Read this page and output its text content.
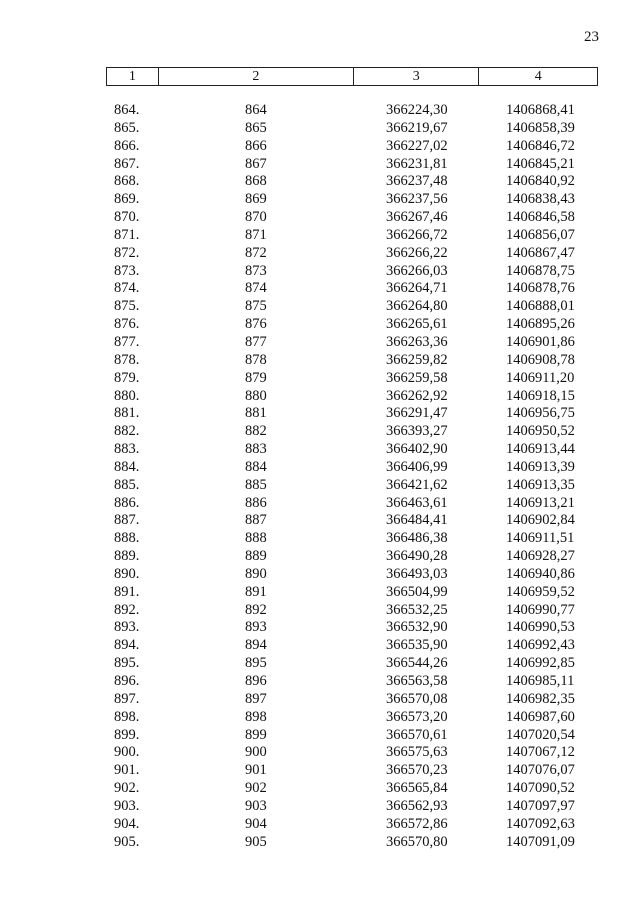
23
1	2	3	4
864.	864	366224,30	1406868,41
865.	865	366219,67	1406858,39
866.	866	366227,02	1406846,72
867.	867	366231,81	1406845,21
868.	868	366237,48	1406840,92
869.	869	366237,56	1406838,43
870.	870	366267,46	1406846,58
871.	871	366266,72	1406856,07
872.	872	366266,22	1406867,47
873.	873	366266,03	1406878,75
874.	874	366264,71	1406878,76
875.	875	366264,80	1406888,01
876.	876	366265,61	1406895,26
877.	877	366263,36	1406901,86
878.	878	366259,82	1406908,78
879.	879	366259,58	1406911,20
880.	880	366262,92	1406918,15
881.	881	366291,47	1406956,75
882.	882	366393,27	1406950,52
883.	883	366402,90	1406913,44
884.	884	366406,99	1406913,39
885.	885	366421,62	1406913,35
886.	886	366463,61	1406913,21
887.	887	366484,41	1406902,84
888.	888	366486,38	1406911,51
889.	889	366490,28	1406928,27
890.	890	366493,03	1406940,86
891.	891	366504,99	1406959,52
892.	892	366532,25	1406990,77
893.	893	366532,90	1406990,53
894.	894	366535,90	1406992,43
895.	895	366544,26	1406992,85
896.	896	366563,58	1406985,11
897.	897	366570,08	1406982,35
898.	898	366573,20	1406987,60
899.	899	366570,61	1407020,54
900.	900	366575,63	1407067,12
901.	901	366570,23	1407076,07
902.	902	366565,84	1407090,52
903.	903	366562,93	1407097,97
904.	904	366572,86	1407092,63
905.	905	366570,80	1407091,09
